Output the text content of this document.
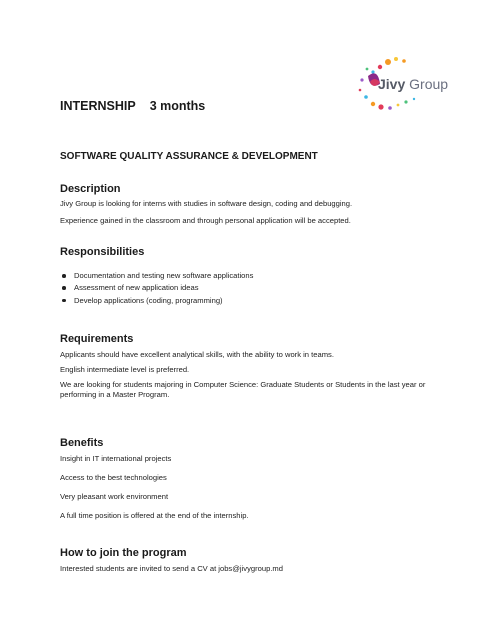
Jivy Group
INTERNSHIP 3 months
SOFTWARE QUALITY ASSURANCE & DEVELOPMENT
Description
Jivy Group is looking for interns with studies in software design, coding and debugging.
Experience gained in the classroom and through personal application will be accepted.
Responsibilities
Documentation and testing new software applications
Assessment of new application ideas
Develop applications (coding, programming)
Requirements
Applicants should have excellent analytical skills, with the ability to work in teams.
English intermediate level is preferred.
We are looking for students majoring in Computer Science: Graduate Students or Students in the last year or performing in a Master Program.
Benefits
Insight in IT international projects
Access to the best technologies
Very pleasant work environment
A full time position is offered at the end of the internship.
How to join the program
Interested students are invited to send a CV at jobs@jivygroup.md
